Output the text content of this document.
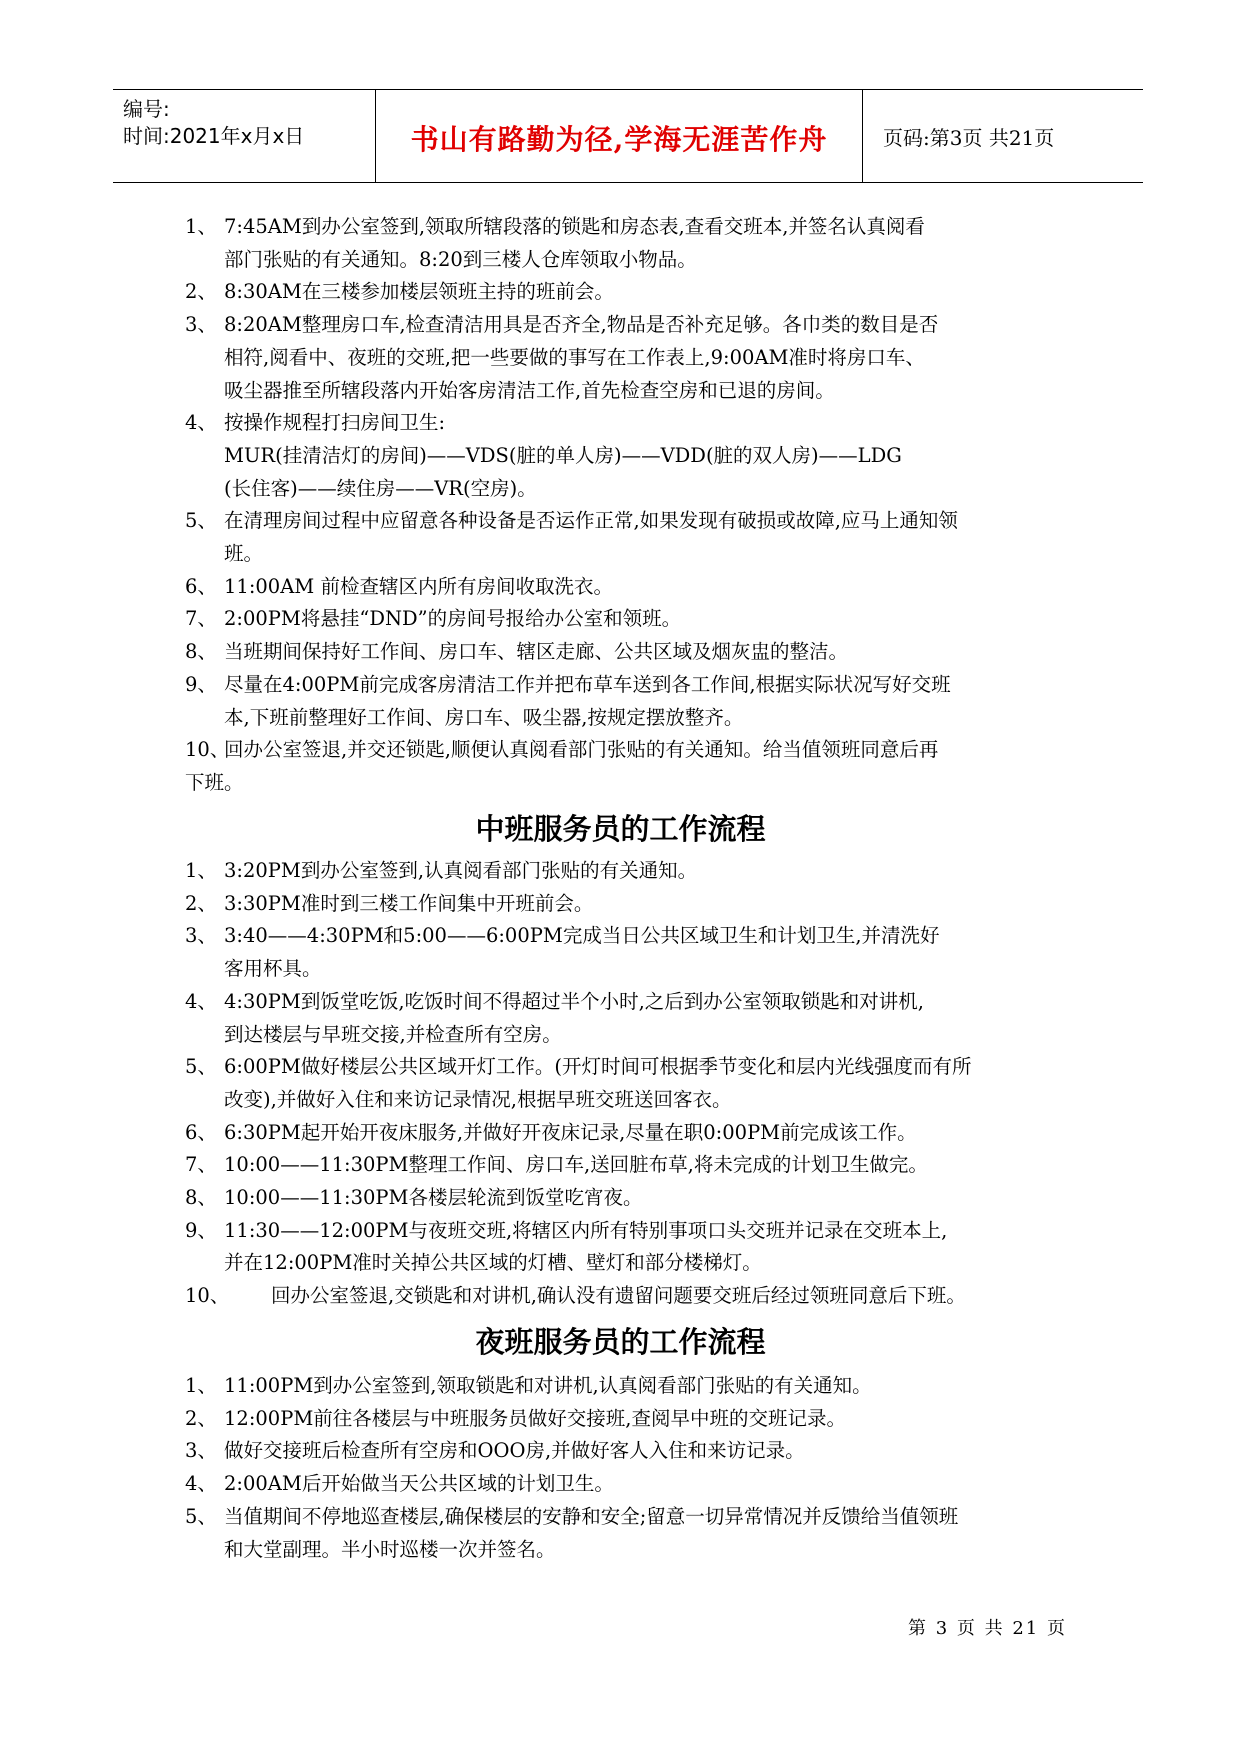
编号:
时间:2021年x月x日	书山有路勤为径,学海无涯苦作舟	页码:第3页 共21页
1、 7:45AM到办公室签到,领取所辖段落的锁匙和房态表,查看交班本,并签名认真阅看
部门张贴的有关通知。8:20到三楼人仓库领取小物品。
2、 8:30AM在三楼参加楼层领班主持的班前会。
3、 8:20AM整理房口车,检查清洁用具是否齐全,物品是否补充足够。各巾类的数目是否
相符,阅看中、夜班的交班,把一些要做的事写在工作表上,9:00AM准时将房口车、
吸尘器推至所辖段落内开始客房清洁工作,首先检查空房和已退的房间。
4、 按操作规程打扫房间卫生:
MUR(挂清洁灯的房间)——VDS(脏的单人房)——VDD(脏的双人房)——LDG
(长住客)——续住房——VR(空房)。
5、 在清理房间过程中应留意各种设备是否运作正常,如果发现有破损或故障,应马上通知领
班。
6、 11:00AM 前检查辖区内所有房间收取洗衣。
7、 2:00PM将悬挂“DND”的房间号报给办公室和领班。
8、 当班期间保持好工作间、房口车、辖区走廊、公共区域及烟灰盅的整洁。
9、 尽量在4:00PM前完成客房清洁工作并把布草车送到各工作间,根据实际状况写好交班
本,下班前整理好工作间、房口车、吸尘器,按规定摆放整齐。
10、
回办公室签退,并交还锁匙,顺便认真阅看部门张贴的有关通知。给当值领班同意后再
下班。
中班服务员的工作流程
1、 3:20PM到办公室签到,认真阅看部门张贴的有关通知。
2、 3:30PM准时到三楼工作间集中开班前会。
3、 3:40——4:30PM和5:00——6:00PM完成当日公共区域卫生和计划卫生,并清洗好
客用杯具。
4、 4:30PM到饭堂吃饭,吃饭时间不得超过半个小时,之后到办公室领取锁匙和对讲机,
到达楼层与早班交接,并检查所有空房。
5、 6:00PM做好楼层公共区域开灯工作。(开灯时间可根据季节变化和层内光线强度而有所
改变),并做好入住和来访记录情况,根据早班交班送回客衣。
6、 6:30PM起开始开夜床服务,并做好开夜床记录,尽量在职0:00PM前完成该工作。
7、 10:00——11:30PM整理工作间、房口车,送回脏布草,将未完成的计划卫生做完。
8、 10:00——11:30PM各楼层轮流到饭堂吃宵夜。
9、 11:30——12:00PM与夜班交班,将辖区内所有特别事项口头交班并记录在交班本上,
并在12:00PM准时关掉公共区域的灯槽、壁灯和部分楼梯灯。
10、 回办公室签退,交锁匙和对讲机,确认没有遗留问题要交班后经过领班同意后下班。
夜班服务员的工作流程
1、 11:00PM到办公室签到,领取锁匙和对讲机,认真阅看部门张贴的有关通知。
2、 12:00PM前往各楼层与中班服务员做好交接班,查阅早中班的交班记录。
3、 做好交接班后检查所有空房和OOO房,并做好客人入住和来访记录。
4、 2:00AM后开始做当天公共区域的计划卫生。
5、 当值期间不停地巡查楼层,确保楼层的安静和安全;留意一切异常情况并反馈给当值领班
和大堂副理。半小时巡楼一次并签名。
第 3 页 共 21 页
